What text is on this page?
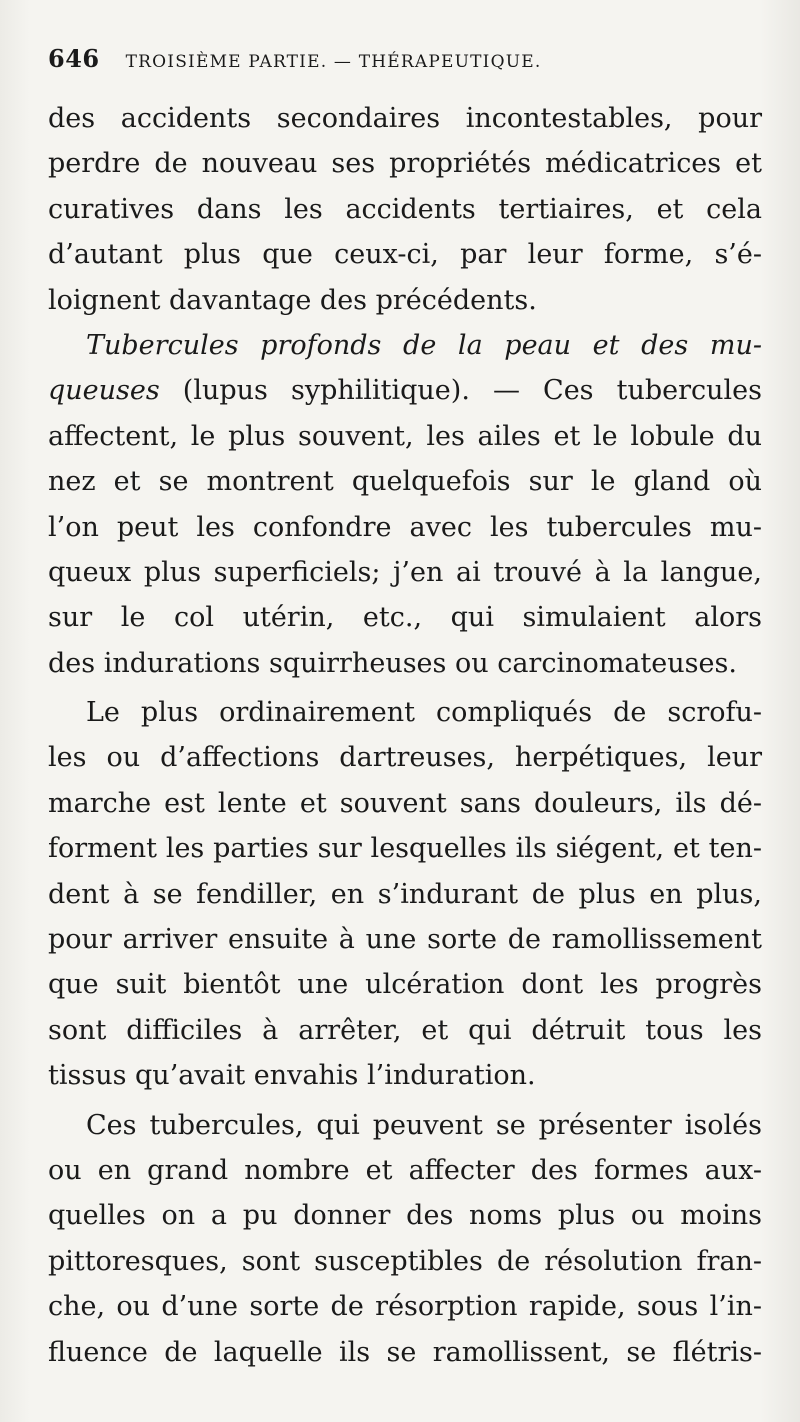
646 TROISIÈME PARTIE. — THÉRAPEUTIQUE.
des accidents secondaires incontestables, pour
perdre de nouveau ses propriétés médicatrices et
curatives dans les accidents tertiaires, et cela
d’autant plus que ceux-ci, par leur forme, s’é-
loignent davantage des précédents.
Tubercules profonds de la peau et des mu-
queuses (lupus syphilitique). — Ces tubercules
affectent, le plus souvent, les ailes et le lobule du
nez et se montrent quelquefois sur le gland où
l’on peut les confondre avec les tubercules mu-
queux plus superficiels; j’en ai trouvé à la langue,
sur le col utérin, etc., qui simulaient alors
des indurations squirrheuses ou carcinomateuses.
Le plus ordinairement compliqués de scrofu-
les ou d’affections dartreuses, herpétiques, leur
marche est lente et souvent sans douleurs, ils dé-
forment les parties sur lesquelles ils siégent, et ten-
dent à se fendiller, en s’indurant de plus en plus,
pour arriver ensuite à une sorte de ramollissement
que suit bientôt une ulcération dont les progrès
sont difficiles à arrêter, et qui détruit tous les
tissus qu’avait envahis l’induration.
Ces tubercules, qui peuvent se présenter isolés
ou en grand nombre et affecter des formes aux-
quelles on a pu donner des noms plus ou moins
pittoresques, sont susceptibles de résolution fran-
che, ou d’une sorte de résorption rapide, sous l’in-
fluence de laquelle ils se ramollissent, se flétris-
